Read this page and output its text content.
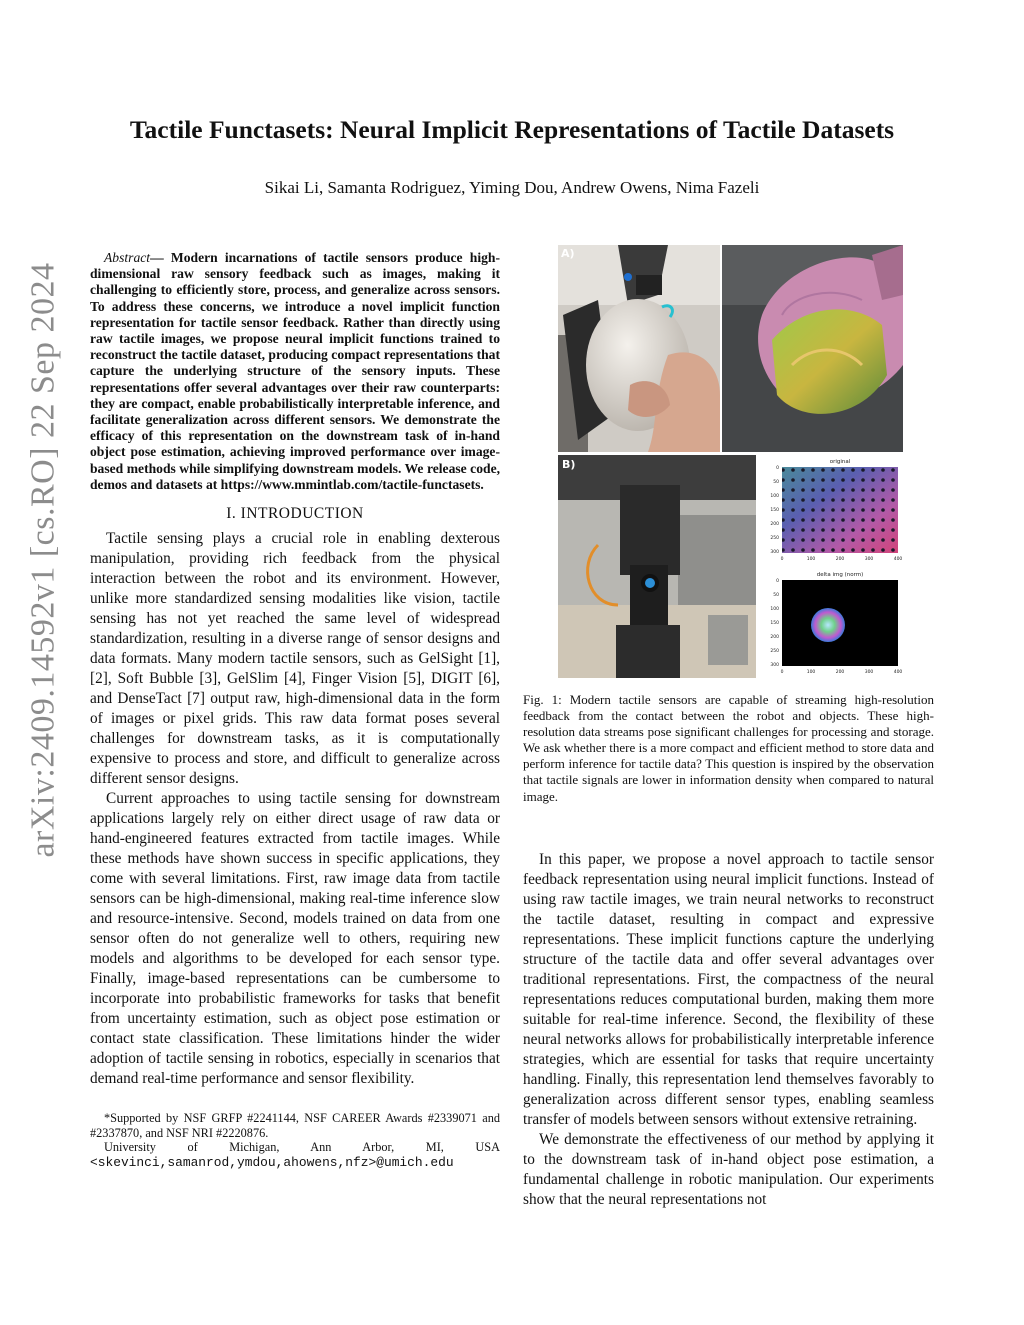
arXiv:2409.14592v1 [cs.RO] 22 Sep 2024
Tactile Functasets: Neural Implicit Representations of Tactile Datasets
Sikai Li, Samanta Rodriguez, Yiming Dou, Andrew Owens, Nima Fazeli

Abstract— Modern incarnations of tactile sensors produce high-dimensional raw sensory feedback such as images, making it challenging to efficiently store, process, and generalize across sensors. To address these concerns, we introduce a novel implicit function representation for tactile sensor feedback. Rather than directly using raw tactile images, we propose neural implicit functions trained to reconstruct the tactile dataset, producing compact representations that capture the underlying structure of the sensory inputs. These representations offer several advantages over their raw counterparts: they are compact, enable probabilistically interpretable inference, and facilitate generalization across different sensors. We demonstrate the efficacy of this representation on the downstream task of in-hand object pose estimation, achieving improved performance over image-based methods while simplifying downstream models. We release code, demos and datasets at https://www.mmintlab.com/tactile-functasets.

I. INTRODUCTION

Tactile sensing plays a crucial role in enabling dexterous manipulation, providing rich feedback from the physical interaction between the robot and its environment. However, unlike more standardized sensing modalities like vision, tactile sensing has not yet reached the same level of widespread standardization, resulting in a diverse range of sensor designs and data formats. Many modern tactile sensors, such as GelSight [1], [2], Soft Bubble [3], GelSlim [4], Finger Vision [5], DIGIT [6], and DenseTact [7] output raw, high-dimensional data in the form of images or pixel grids. This raw data format poses several challenges for downstream tasks, as it is computationally expensive to process and store, and difficult to generalize across different sensor designs.

Current approaches to using tactile sensing for downstream applications largely rely on either direct usage of raw data or hand-engineered features extracted from tactile images. While these methods have shown success in specific applications, they come with several limitations. First, raw image data from tactile sensors can be high-dimensional, making real-time inference slow and resource-intensive. Second, models trained on data from one sensor often do not generalize well to others, requiring new models and algorithms to be developed for each sensor type. Finally, image-based representations can be cumbersome to incorporate into probabilistic frameworks for tasks that benefit from uncertainty estimation, such as object pose estimation or contact state classification. These limitations hinder the wider adoption of tactile sensing in robotics, especially in scenarios that demand real-time performance and sensor flexibility.

*Supported by NSF GRFP #2241144, NSF CAREER Awards #2339071 and #2337870, and NSF NRI #2220876.

University of Michigan, Ann Arbor, MI, USA

<skevinci,samanrod,ymdou,ahowens,nfz>@umich.edu

A)
B)	original
0
50
100
150
200
250
300
0	100	200	300	400
delta img (norm)
0
50
100
150
200
250
300
0	100	200	300	400

Fig. 1: Modern tactile sensors are capable of streaming high-resolution feedback from the contact between the robot and objects. These high-resolution data streams pose significant challenges for processing and storage. We ask whether there is a more compact and efficient method to store data and perform inference for tactile data? This question is inspired by the observation that tactile signals are lower in information density when compared to natural image.

In this paper, we propose a novel approach to tactile sensor feedback representation using neural implicit functions. Instead of using raw tactile images, we train neural networks to reconstruct the tactile dataset, resulting in compact and expressive representations. These implicit functions capture the underlying structure of the tactile data and offer several advantages over traditional representations. First, the compactness of the neural representations reduces computational burden, making them more suitable for real-time inference. Second, the flexibility of these neural networks allows for probabilistically interpretable inference strategies, which are essential for tasks that require uncertainty handling. Finally, this representation lend themselves favorably to generalization across different sensor types, enabling seamless transfer of models between sensors without extensive retraining.

We demonstrate the effectiveness of our method by applying it to the downstream task of in-hand object pose estimation, a fundamental challenge in robotic manipulation. Our experiments show that the neural representations not
